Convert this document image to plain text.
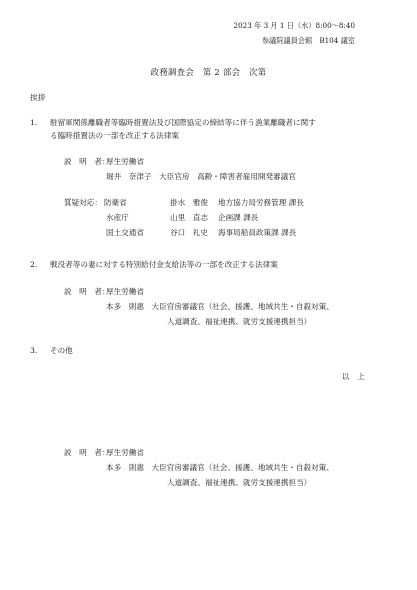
2023 年 3 月 1 日（水）8:00～8:40
参議院議員会館　B104 議室
政務調査会　第 2 部会　次第
挨拶
1. 駐留軍関係離職者等臨時措置法及び国際協定の締結等に伴う漁業離職者に関す
る臨時措置法の一部を改正する法律案
説　明　者：
厚生労働省
堀井　奈津子　大臣官房　高齢・障害者雇用開発審議官
質疑対応： 防衛省	掛水　雅俊 地方協力局労務管理 課長
水産庁	山里　直志 企画課 課長
国土交通省	谷口　礼史 海事局船員政策課 課長
2. 戦没者等の妻に対する特別給付金支給法等の一部を改正する法律案
説　明　者：
厚生労働省
本多　則惠　大臣官房審議官（社会、援護、地域共生・自殺対策、
人道調査、福祉連携、就労支援連携担当）
3. その他
以上
説　明　者：
厚生労働省
本多　則惠　大臣官房審議官（社会、援護、地域共生・自殺対策、
人道調査、福祉連携、就労支援連携担当）
